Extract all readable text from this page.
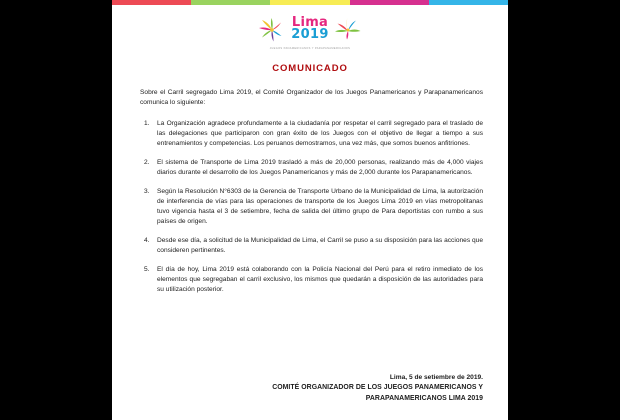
Lima
2019
JUEGOS PANAMERICANOS Y PARAPANAMERICANOS
COMUNICADO

Sobre el Carril segregado Lima 2019, el Comité Organizador de los Juegos Panamericanos y Parapanamericanos comunica lo siguiente:

La Organización agradece profundamente a la ciudadanía por respetar el carril segregado para el traslado de las delegaciones que participaron con gran éxito de los Juegos con el objetivo de llegar a tiempo a sus entrenamientos y competencias. Los peruanos demostramos, una vez más, que somos buenos anfitriones.
El sistema de Transporte de Lima 2019 trasladó a más de 20,000 personas, realizando más de 4,000 viajes diarios durante el desarrollo de los Juegos Panamericanos y más de 2,000 durante los Parapanamericanos.
Según la Resolución N°6303 de la Gerencia de Transporte Urbano de la Municipalidad de Lima, la autorización de interferencia de vías para las operaciones de transporte de los Juegos Lima 2019 en vías metropolitanas tuvo vigencia hasta el 3 de setiembre, fecha de salida del último grupo de Para deportistas con rumbo a sus países de origen.
Desde ese día, a solicitud de la Municipalidad de Lima, el Carril se puso a su disposición para las acciones que consideren pertinentes.
El día de hoy, Lima 2019 está colaborando con la Policía Nacional del Perú para el retiro inmediato de los elementos que segregaban el carril exclusivo, los mismos que quedarán a disposición de las autoridades para su utilización posterior.
Lima, 5 de setiembre de 2019.
COMITÉ ORGANIZADOR DE LOS JUEGOS PANAMERICANOS Y
PARAPANAMERICANOS LIMA 2019
